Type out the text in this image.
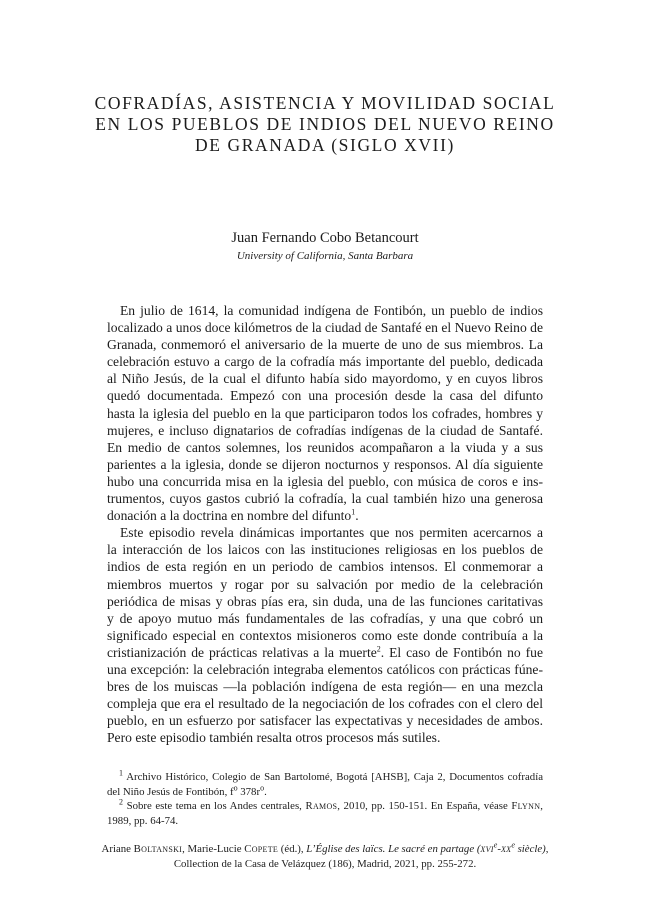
COFRADÍAS, ASISTENCIA Y MOVILIDAD SOCIAL
EN LOS PUEBLOS DE INDIOS DEL NUEVO REINO
DE GRANADA (SIGLO XVII)
Juan Fernando Cobo Betancourt
University of California, Santa Barbara
En julio de 1614, la comunidad indígena de Fontibón, un pueblo de indios
localizado a unos doce kilómetros de la ciudad de Santafé en el Nuevo Reino de
Granada, conmemoró el aniversario de la muerte de uno de sus miembros. La
celebración estuvo a cargo de la cofradía más importante del pueblo, dedicada
al Niño Jesús, de la cual el difunto había sido mayordomo, y en cuyos libros
quedó documentada. Empezó con una procesión desde la casa del difunto
hasta la iglesia del pueblo en la que participaron todos los cofrades, hombres y
mujeres, e incluso dignatarios de cofradías indígenas de la ciudad de Santafé.
En medio de cantos solemnes, los reunidos acompañaron a la viuda y a sus
parientes a la iglesia, donde se dijeron nocturnos y responsos. Al día siguiente
hubo una concurrida misa en la iglesia del pueblo, con música de coros e ins-
trumentos, cuyos gastos cubrió la cofradía, la cual también hizo una generosa
donación a la doctrina en nombre del difunto$^1$.
Este episodio revela dinámicas importantes que nos permiten acercarnos a
la interacción de los laicos con las instituciones religiosas en los pueblos de
indios de esta región en un periodo de cambios intensos. El conmemorar a
miembros muertos y rogar por su salvación por medio de la celebración
periódica de misas y obras pías era, sin duda, una de las funciones caritativas
y de apoyo mutuo más fundamentales de las cofradías, y una que cobró un
significado especial en contextos misioneros como este donde contribuía a la
cristianización de prácticas relativas a la muerte$^2$. El caso de Fontibón no fue
una excepción: la celebración integraba elementos católicos con prácticas fúne-
bres de los muiscas —la población indígena de esta región— en una mezcla
compleja que era el resultado de la negociación de los cofrades con el clero del
pueblo, en un esfuerzo por satisfacer las expectativas y necesidades de ambos.
Pero este episodio también resalta otros procesos más sutiles.
$^1$ Archivo Histórico, Colegio de San Bartolomé, Bogotá [AHSB], Caja 2, Documentos cofradía
del Niño Jesús de Fontibón, $f^o$ $378r^o$.
$^2$ Sobre este tema en los Andes centrales, Ramos, 2010, pp. 150-151. En España, véase Flynn,
1989, pp. 64-74.
Ariane Boltanski, Marie-Lucie Copete (éd.), L’Église des laïcs. Le sacré en partage ($xvi^e-xx^e$ siècle),
Collection de la Casa de Velázquez (186), Madrid, 2021, pp. 255-272.
